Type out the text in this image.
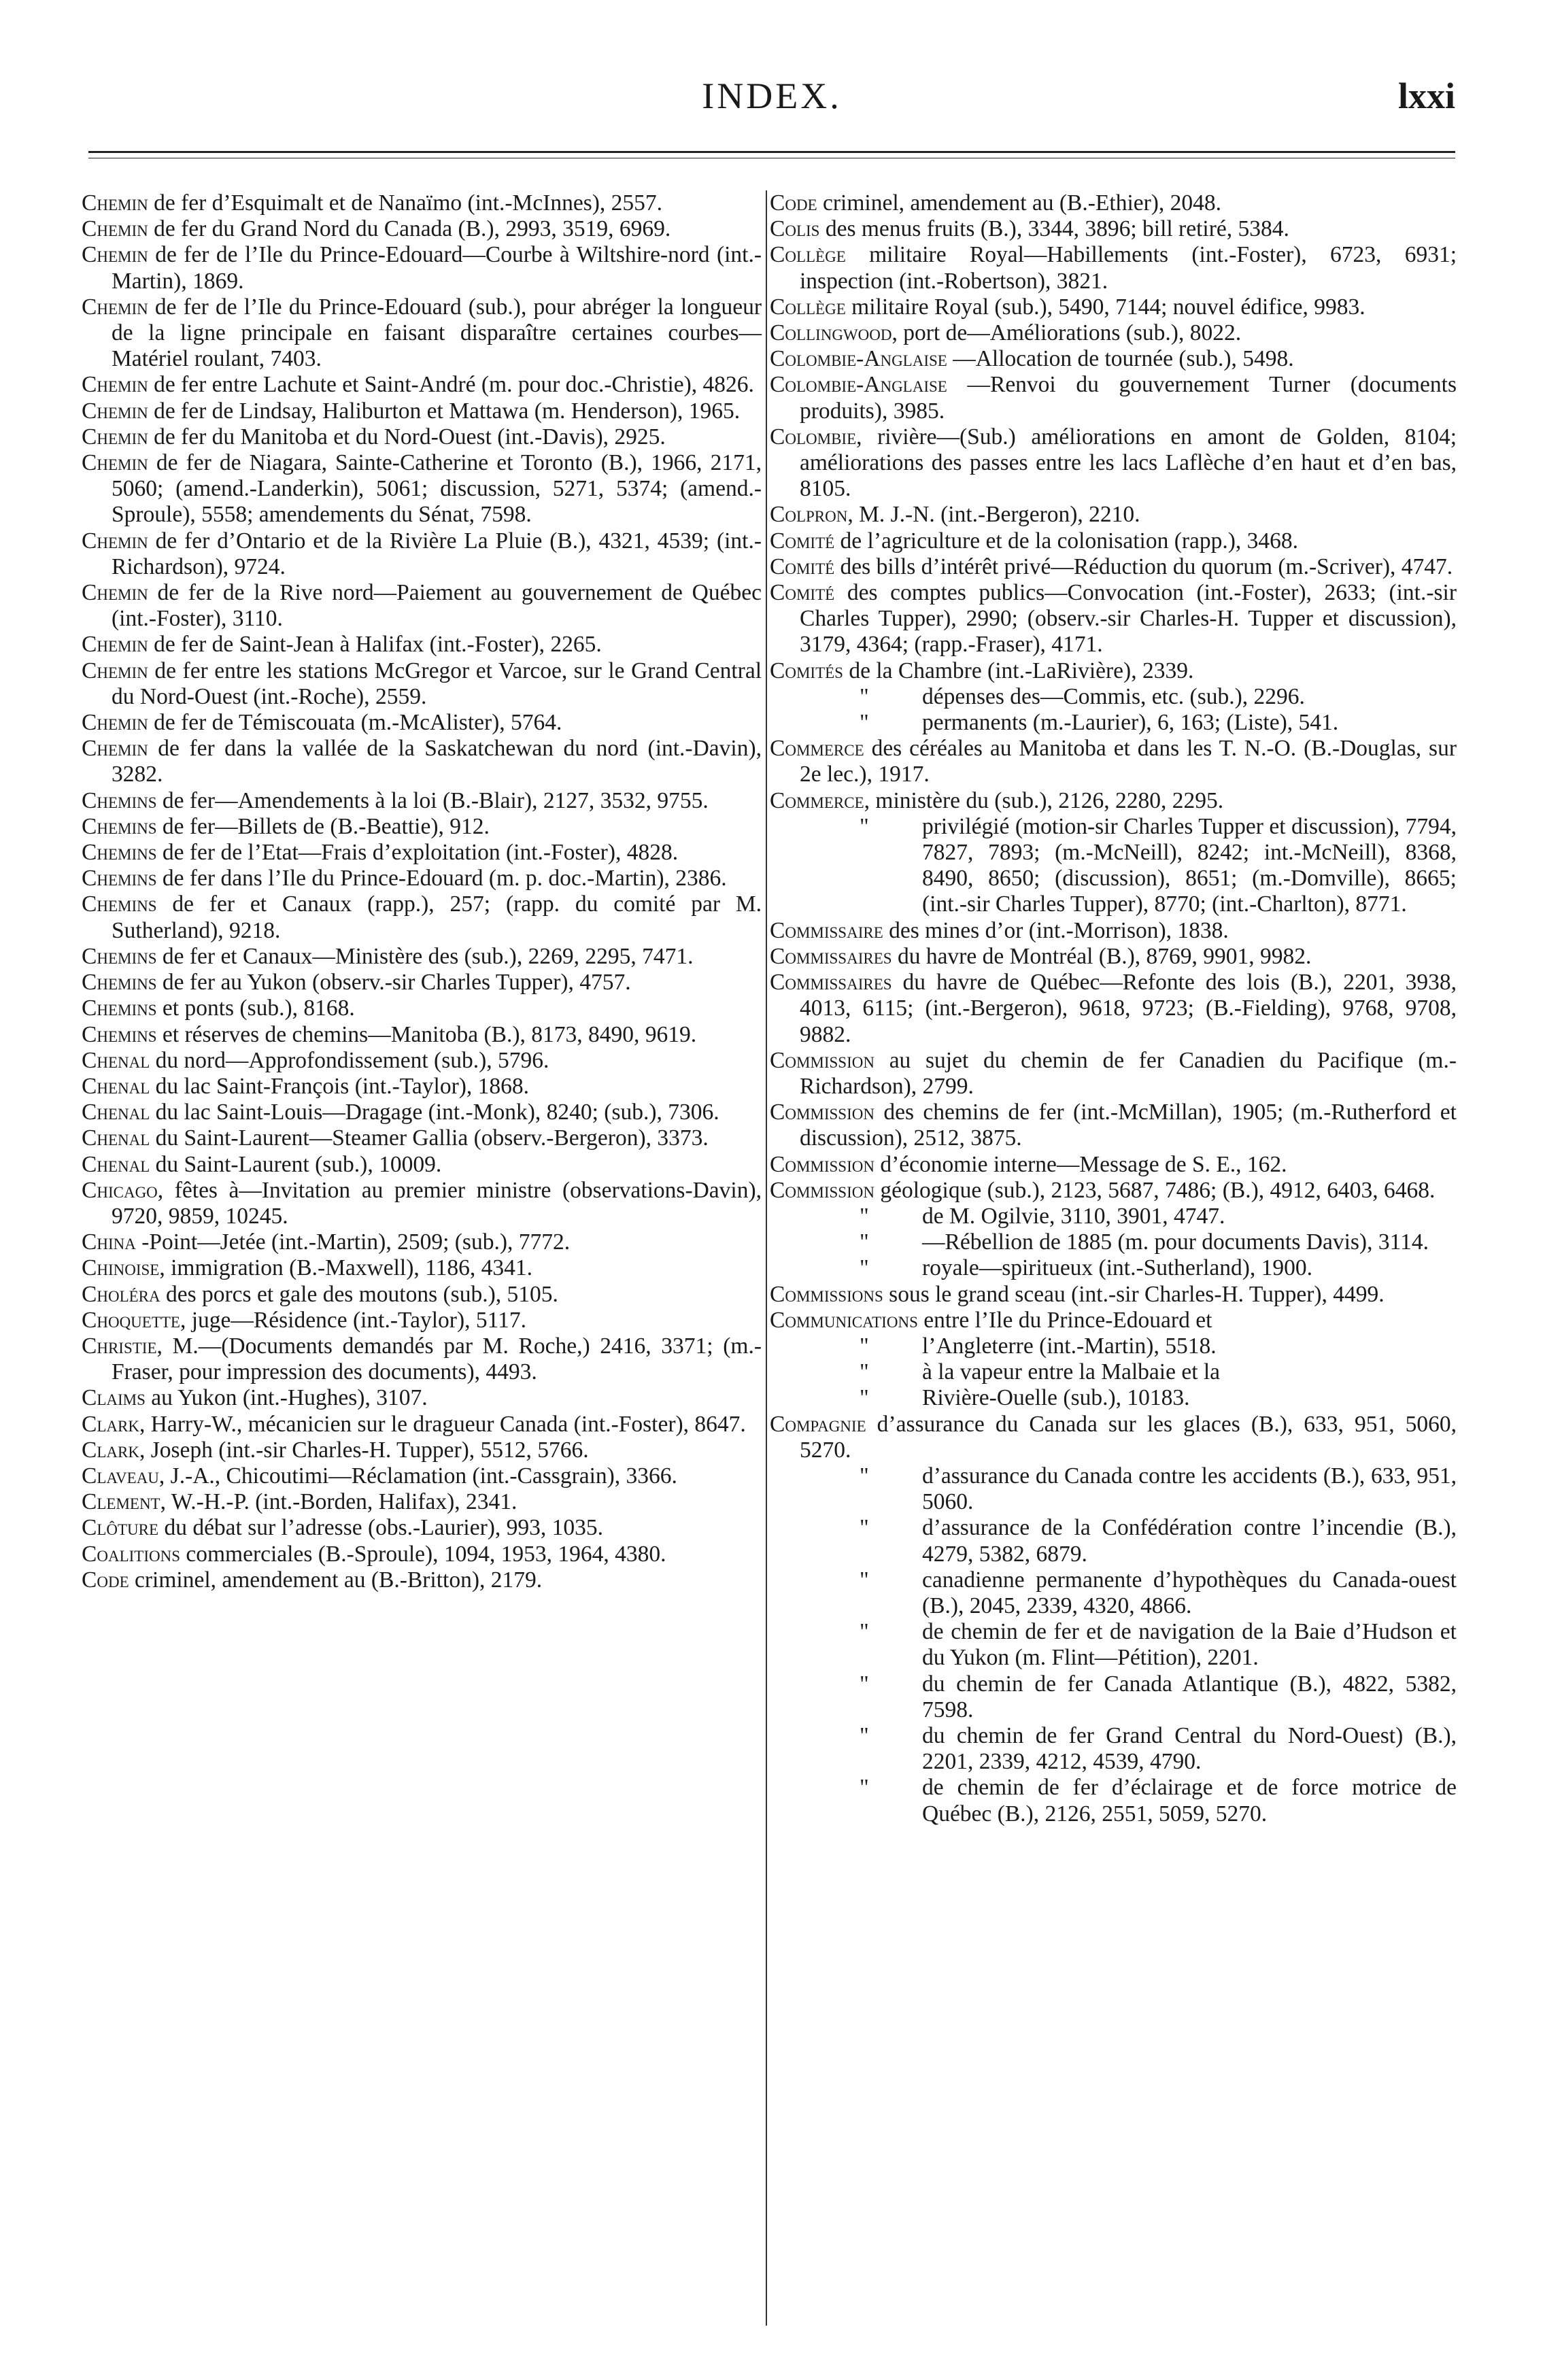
INDEX.	lxxi

Chemin de fer d’Esquimalt et de Nanaïmo (int.-McInnes), 2557.

Chemin de fer du Grand Nord du Canada (B.), 2993, 3519, 6969.

Chemin de fer de l’Ile du Prince-Edouard—Courbe à Wiltshire-nord (int.-Martin), 1869.

Chemin de fer de l’Ile du Prince-Edouard (sub.), pour abréger la longueur de la ligne principale en faisant disparaître certaines courbes—Matériel roulant, 7403.

Chemin de fer entre Lachute et Saint-André (m. pour doc.-Christie), 4826.

Chemin de fer de Lindsay, Haliburton et Mattawa (m. Henderson), 1965.

Chemin de fer du Manitoba et du Nord-Ouest (int.-Davis), 2925.

Chemin de fer de Niagara, Sainte-Catherine et Toronto (B.), 1966, 2171, 5060; (amend.-Landerkin), 5061; discussion, 5271, 5374; (amend.-Sproule), 5558; amendements du Sénat, 7598.

Chemin de fer d’Ontario et de la Rivière La Pluie (B.), 4321, 4539; (int.-Richardson), 9724.

Chemin de fer de la Rive nord—Paiement au gouvernement de Québec (int.-Foster), 3110.

Chemin de fer de Saint-Jean à Halifax (int.-Foster), 2265.

Chemin de fer entre les stations McGregor et Varcoe, sur le Grand Central du Nord-Ouest (int.-Roche), 2559.

Chemin de fer de Témiscouata (m.-McAlister), 5764.

Chemin de fer dans la vallée de la Saskatchewan du nord (int.-Davin), 3282.

Chemins de fer—Amendements à la loi (B.-Blair), 2127, 3532, 9755.

Chemins de fer—Billets de (B.-Beattie), 912.

Chemins de fer de l’Etat—Frais d’exploitation (int.-Foster), 4828.

Chemins de fer dans l’Ile du Prince-Edouard (m. p. doc.-Martin), 2386.

Chemins de fer et Canaux (rapp.), 257; (rapp. du comité par M. Sutherland), 9218.

Chemins de fer et Canaux—Ministère des (sub.), 2269, 2295, 7471.

Chemins de fer au Yukon (observ.-sir Charles Tupper), 4757.

Chemins et ponts (sub.), 8168.

Chemins et réserves de chemins—Manitoba (B.), 8173, 8490, 9619.

Chenal du nord—Approfondissement (sub.), 5796.

Chenal du lac Saint-François (int.-Taylor), 1868.

Chenal du lac Saint-Louis—Dragage (int.-Monk), 8240; (sub.), 7306.

Chenal du Saint-Laurent—Steamer Gallia (observ.-Bergeron), 3373.

Chenal du Saint-Laurent (sub.), 10009.

Chicago, fêtes à—Invitation au premier ministre (observations-Davin), 9720, 9859, 10245.

China -Point—Jetée (int.-Martin), 2509; (sub.), 7772.

Chinoise, immigration (B.-Maxwell), 1186, 4341.

Choléra des porcs et gale des moutons (sub.), 5105.

Choquette, juge—Résidence (int.-Taylor), 5117.

Christie, M.—(Documents demandés par M. Roche,) 2416, 3371; (m.-Fraser, pour impression des documents), 4493.

Claims au Yukon (int.-Hughes), 3107.

Clark, Harry-W., mécanicien sur le dragueur Canada (int.-Foster), 8647.

Clark, Joseph (int.-sir Charles-H. Tupper), 5512, 5766.

Claveau, J.-A., Chicoutimi—Réclamation (int.-Cassgrain), 3366.

Clement, W.-H.-P. (int.-Borden, Halifax), 2341.

Clôture du débat sur l’adresse (obs.-Laurier), 993, 1035.

Coalitions commerciales (B.-Sproule), 1094, 1953, 1964, 4380.

Code criminel, amendement au (B.-Britton), 2179.

Code criminel, amendement au (B.-Ethier), 2048.

Colis des menus fruits (B.), 3344, 3896; bill retiré, 5384.

Collège militaire Royal—Habillements (int.-Foster), 6723, 6931; inspection (int.-Robertson), 3821.

Collège militaire Royal (sub.), 5490, 7144; nouvel édifice, 9983.

Collingwood, port de—Améliorations (sub.), 8022.

Colombie-Anglaise —Allocation de tournée (sub.), 5498.

Colombie-Anglaise —Renvoi du gouvernement Turner (documents produits), 3985.

Colombie, rivière—(Sub.) améliorations en amont de Golden, 8104; améliorations des passes entre les lacs Laflèche d’en haut et d’en bas, 8105.

Colpron, M. J.-N. (int.-Bergeron), 2210.

Comité de l’agriculture et de la colonisation (rapp.), 3468.

Comité des bills d’intérêt privé—Réduction du quorum (m.-Scriver), 4747.

Comité des comptes publics—Convocation (int.-Foster), 2633; (int.-sir Charles Tupper), 2990; (observ.-sir Charles-H. Tupper et discussion), 3179, 4364; (rapp.-Fraser), 4171.

Comités de la Chambre (int.-LaRivière), 2339.

" dépenses des—Commis, etc. (sub.), 2296.

" permanents (m.-Laurier), 6, 163; (Liste), 541.

Commerce des céréales au Manitoba et dans les T. N.-O. (B.-Douglas, sur 2e lec.), 1917.

Commerce, ministère du (sub.), 2126, 2280, 2295.

" privilégié (motion-sir Charles Tupper et discussion), 7794, 7827, 7893; (m.-McNeill), 8242; int.-McNeill), 8368, 8490, 8650; (discussion), 8651; (m.-Domville), 8665; (int.-sir Charles Tupper), 8770; (int.-Charlton), 8771.

Commissaire des mines d’or (int.-Morrison), 1838.

Commissaires du havre de Montréal (B.), 8769, 9901, 9982.

Commissaires du havre de Québec—Refonte des lois (B.), 2201, 3938, 4013, 6115; (int.-Bergeron), 9618, 9723; (B.-Fielding), 9768, 9708, 9882.

Commission au sujet du chemin de fer Canadien du Pacifique (m.-Richardson), 2799.

Commission des chemins de fer (int.-McMillan), 1905; (m.-Rutherford et discussion), 2512, 3875.

Commission d’économie interne—Message de S. E., 162.

Commission géologique (sub.), 2123, 5687, 7486; (B.), 4912, 6403, 6468.

" de M. Ogilvie, 3110, 3901, 4747.

" —Rébellion de 1885 (m. pour documents Davis), 3114.

" royale—spiritueux (int.-Sutherland), 1900.

Commissions sous le grand sceau (int.-sir Charles-H. Tupper), 4499.

Communications entre l’Ile du Prince-Edouard et

" l’Angleterre (int.-Martin), 5518.

" à la vapeur entre la Malbaie et la

" Rivière-Ouelle (sub.), 10183.

Compagnie d’assurance du Canada sur les glaces (B.), 633, 951, 5060, 5270.

" d’assurance du Canada contre les accidents (B.), 633, 951, 5060.

" d’assurance de la Confédération contre l’incendie (B.), 4279, 5382, 6879.

" canadienne permanente d’hypothèques du Canada-ouest (B.), 2045, 2339, 4320, 4866.

" de chemin de fer et de navigation de la Baie d’Hudson et du Yukon (m. Flint—Pétition), 2201.

" du chemin de fer Canada Atlantique (B.), 4822, 5382, 7598.

" du chemin de fer Grand Central du Nord-Ouest) (B.), 2201, 2339, 4212, 4539, 4790.

" de chemin de fer d’éclairage et de force motrice de Québec (B.), 2126, 2551, 5059, 5270.
